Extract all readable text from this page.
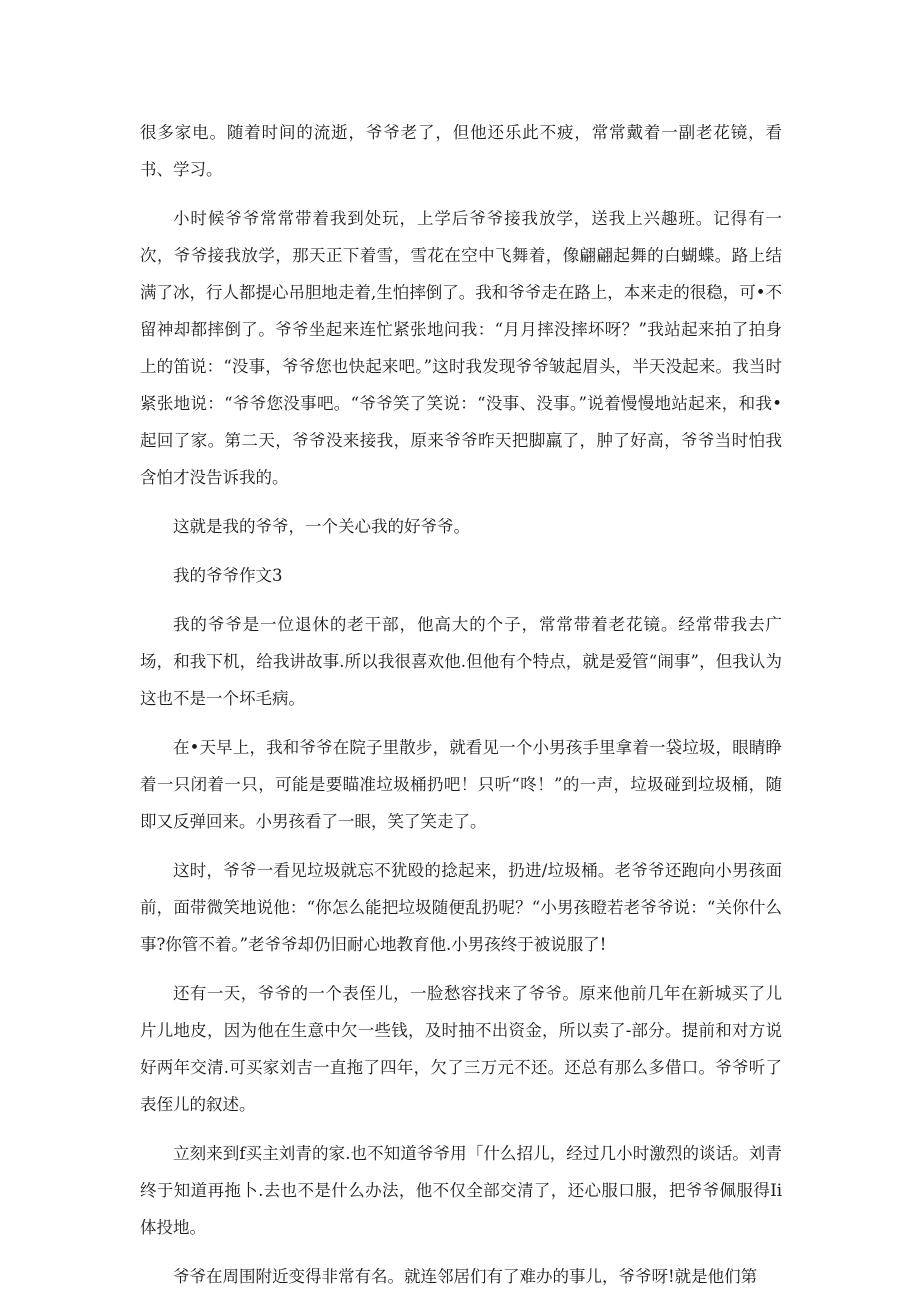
很多家电。随着时间的流逝，爷爷老了，但他还乐此不疲，常常戴着一副老花镜，看书、学习。

小时候爷爷常常带着我到处玩，上学后爷爷接我放学，送我上兴趣班。记得有一次，爷爷接我放学，那天正下着雪，雪花在空中飞舞着，像翩翩起舞的白蝴蝶。路上结满了冰，行人都提心吊胆地走着,生怕摔倒了。我和爷爷走在路上，本来走的很稳，可•不留神却都摔倒了。爷爷坐起来连忙紧张地问我：“月月摔没摔坏呀？”我站起来拍了拍身上的笛说：“没事，爷爷您也快起来吧。”这时我发现爷爷皱起眉头，半天没起来。我当时紧张地说：“爷爷您没事吧。“爷爷笑了笑说：“没事、没事。”说着慢慢地站起来，和我•起回了家。第二天，爷爷没来接我，原来爷爷昨天把脚羸了，肿了好高，爷爷当时怕我含怕才没告诉我的。

这就是我的爷爷，一个关心我的好爷爷。

我的爷爷作文3

我的爷爷是一位退休的老干部，他高大的个子，常常带着老花镜。经常带我去广场，和我下机，给我讲故事.所以我很喜欢他.但他有个特点，就是爱管“闹事”，但我认为这也不是一个坏毛病。

在•天早上，我和爷爷在院子里散步，就看见一个小男孩手里拿着一袋垃圾，眼睛睁着一只闭着一只，可能是要瞄准垃圾桶扔吧！只听“咚！”的一声，垃圾碰到垃圾桶，随即又反弹回来。小男孩看了一眼，笑了笑走了。

这时，爷爷一看见垃圾就忘不犹殴的捻起来，扔进/垃圾桶。老爷爷还跑向小男孩面前，面带微笑地说他：“你怎么能把垃圾随便乱扔呢？“小男孩瞪若老爷爷说：“关你什么事?你管不着。”老爷爷却仍旧耐心地教育他.小男孩终于被说服了!

还有一天，爷爷的一个表侄儿，一脸愁容找来了爷爷。原来他前几年在新城买了儿片儿地皮，因为他在生意中欠一些钱，及时抽不出资金，所以卖了-部分。提前和对方说好两年交清.可买家刘吉一直拖了四年，欠了三万元不还。还总有那么多借口。爷爷听了表侄儿的叙述。

立刻来到f买主刘青的家.也不知道爷爷用「什么招儿，经过几小时激烈的谈话。刘青终于知道再拖卜.去也不是什么办法，他不仅全部交清了，还心服口服，把爷爷佩服得Ii体投地。

爷爷在周围附近变得非常有名。就连邻居们有了难办的事儿，爷爷呀!就是他们第
